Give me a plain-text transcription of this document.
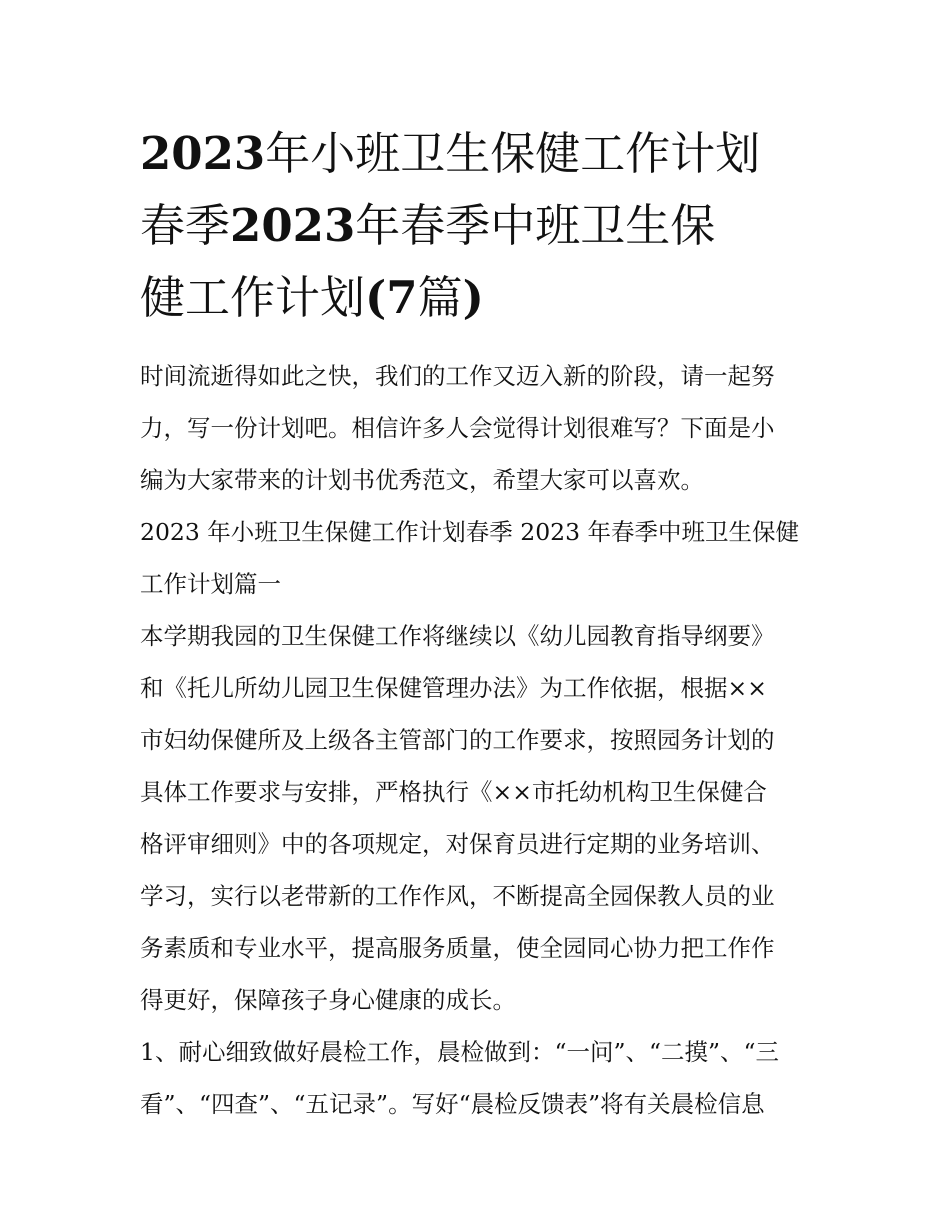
2023年小班卫生保健工作计划
春季2023年春季中班卫生保
健工作计划(7篇)

时间流逝得如此之快，我们的工作又迈入新的阶段，请一起努
力，写一份计划吧。相信许多人会觉得计划很难写？下面是小
编为大家带来的计划书优秀范文，希望大家可以喜欢。

2023 年小班卫生保健工作计划春季 2023 年春季中班卫生保健
工作计划篇一

本学期我园的卫生保健工作将继续以《幼儿园教育指导纲要》
和《托儿所幼儿园卫生保健管理办法》为工作依据，根据××
市妇幼保健所及上级各主管部门的工作要求，按照园务计划的
具体工作要求与安排，严格执行《××市托幼机构卫生保健合
格评审细则》中的各项规定，对保育员进行定期的业务培训、
学习，实行以老带新的工作作风，不断提高全园保教人员的业
务素质和专业水平，提高服务质量，使全园同心协力把工作作
得更好，保障孩子身心健康的成长。

1、耐心细致做好晨检工作，晨检做到：“一问”、“二摸”、“三
看”、“四查”、“五记录”。写好“晨检反馈表”将有关晨检信息
